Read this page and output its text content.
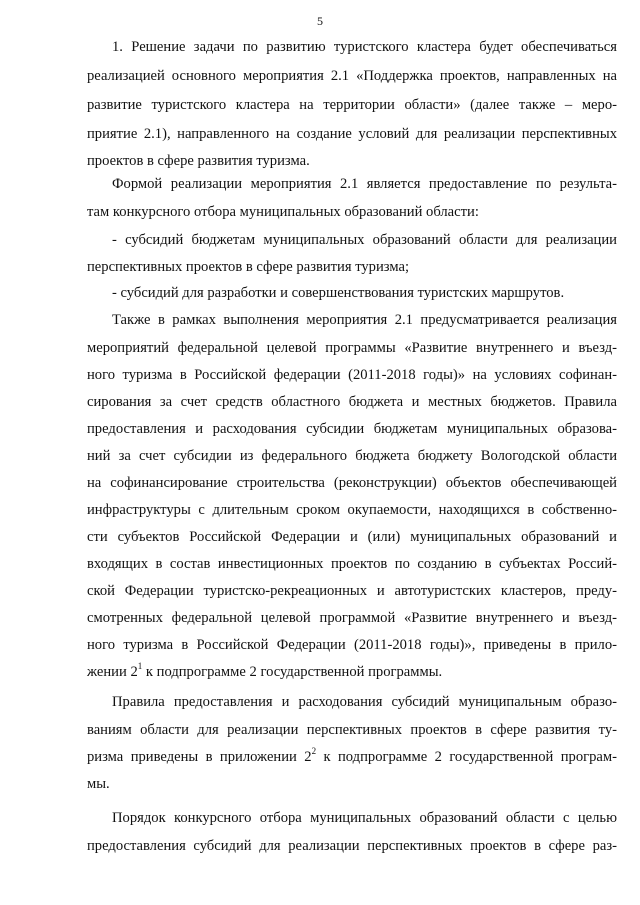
5
1. Решение задачи по развитию туристского кластера будет обеспечиваться
реализацией основного мероприятия 2.1 «Поддержка проектов, направленных на
развитие туристского кластера на территории области» (далее также – меро-
приятие 2.1), направленного на создание условий для реализации перспективных
проектов в сфере развития туризма.
Формой реализации мероприятия 2.1 является предоставление по результа-
там конкурсного отбора муниципальных образований области:
- субсидий бюджетам муниципальных образований области для реализации
перспективных проектов в сфере развития туризма;
- субсидий для разработки и совершенствования туристских маршрутов.
Также в рамках выполнения мероприятия 2.1 предусматривается реализация
мероприятий федеральной целевой программы «Развитие внутреннего и въезд-
ного туризма в Российской федерации (2011-2018 годы)» на условиях софинан-
сирования за счет средств областного бюджета и местных бюджетов. Правила
предоставления и расходования субсидии бюджетам муниципальных образова-
ний за счет субсидии из федерального бюджета бюджету Вологодской области
на софинансирование строительства (реконструкции) объектов обеспечивающей
инфраструктуры с длительным сроком окупаемости, находящихся в собственно-
сти субъектов Российской Федерации и (или) муниципальных образований и
входящих в состав инвестиционных проектов по созданию в субъектах Россий-
ской Федерации туристско-рекреационных и автотуристских кластеров, преду-
смотренных федеральной целевой программой «Развитие внутреннего и въезд-
ного туризма в Российской Федерации (2011-2018 годы)», приведены в прило-
жении $2^1$ к подпрограмме 2 государственной программы.
Правила предоставления и расходования субсидий муниципальным образо-
ваниям области для реализации перспективных проектов в сфере развития ту-
ризма приведены в приложении $2^2$ к подпрограмме 2 государственной програм-
мы.
Порядок конкурсного отбора муниципальных образований области с целью
предоставления субсидий для реализации перспективных проектов в сфере раз-
